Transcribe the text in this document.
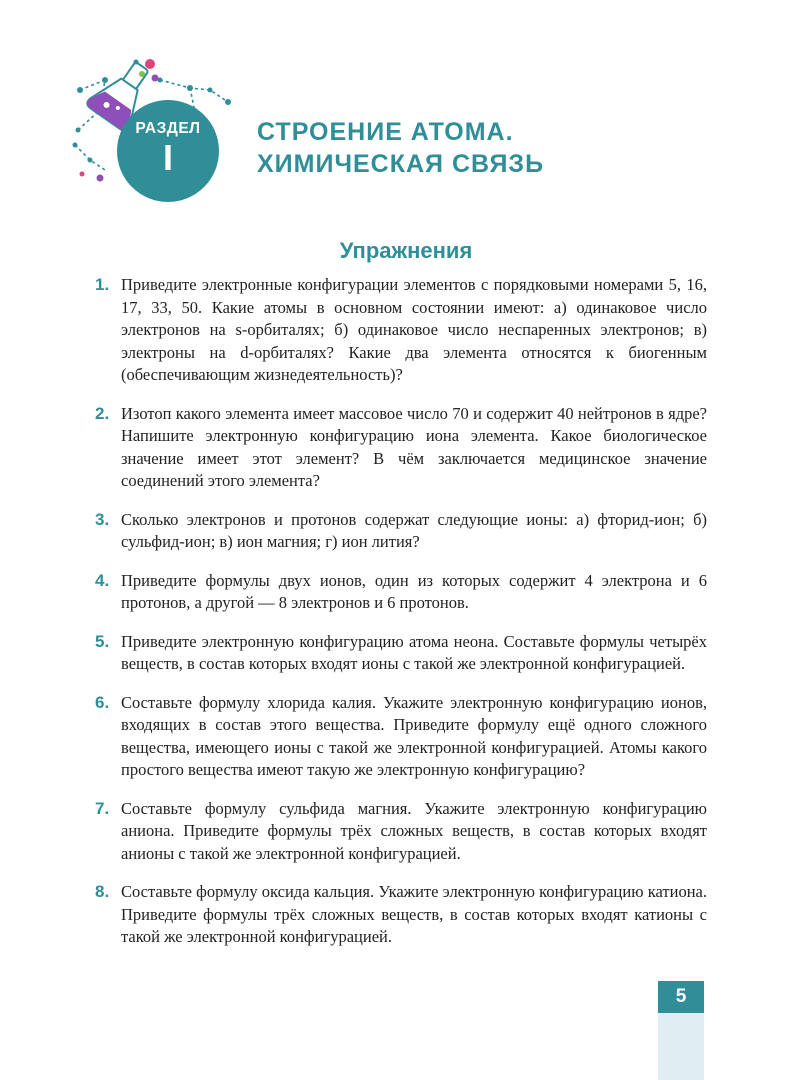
РАЗДЕЛ
I
СТРОЕНИЕ АТОМА.
ХИМИЧЕСКАЯ СВЯЗЬ
Упражнения
1. Приведите электронные конфигурации элементов с порядковыми номерами 5, 16, 17, 33, 50. Какие атомы в основном состоянии имеют: а) одинаковое число электронов на s-орбиталях; б) одинаковое число неспаренных электронов; в) электроны на d-орбиталях? Какие два элемента относятся к биогенным (обеспечивающим жизнедеятельность)?
2. Изотоп какого элемента имеет массовое число 70 и содержит 40 нейтронов в ядре? Напишите электронную конфигурацию иона элемента. Какое биологическое значение имеет этот элемент? В чём заключается медицинское значение соединений этого элемента?
3. Сколько электронов и протонов содержат следующие ионы: а) фторид-ион; б) сульфид-ион; в) ион магния; г) ион лития?
4. Приведите формулы двух ионов, один из которых содержит 4 электрона и 6 протонов, а другой — 8 электронов и 6 протонов.
5. Приведите электронную конфигурацию атома неона. Составьте формулы четырёх веществ, в состав которых входят ионы с такой же электронной конфигурацией.
6. Составьте формулу хлорида калия. Укажите электронную конфигурацию ионов, входящих в состав этого вещества. Приведите формулу ещё одного сложного вещества, имеющего ионы с такой же электронной конфигурацией. Атомы какого простого вещества имеют такую же электронную конфигурацию?
7. Составьте формулу сульфида магния. Укажите электронную конфигурацию аниона. Приведите формулы трёх сложных веществ, в состав которых входят анионы с такой же электронной конфигурацией.
8. Составьте формулу оксида кальция. Укажите электронную конфигурацию катиона. Приведите формулы трёх сложных веществ, в состав которых входят катионы с такой же электронной конфигурацией.
5
